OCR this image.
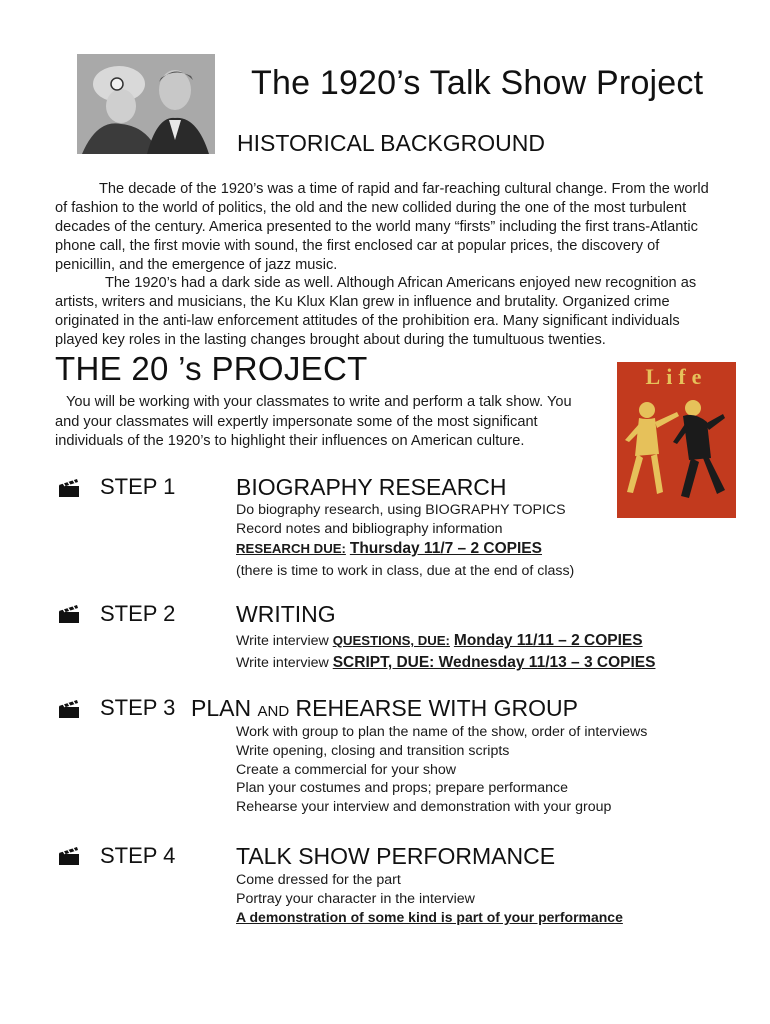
The 1920’s Talk Show Project
HISTORICAL BACKGROUND
The decade of the 1920’s was a time of rapid and far-reaching cultural change. From the world of fashion to the world of politics, the old and the new collided during the one of the most turbulent decades of the century. America presented to the world many “firsts” including the first trans-Atlantic phone call, the first movie with sound, the first enclosed car at popular prices, the discovery of penicillin, and the emergence of jazz music.
The 1920’s had a dark side as well. Although African Americans enjoyed new recognition as artists, writers and musicians, the Ku Klux Klan grew in influence and brutality. Organized crime originated in the anti-law enforcement attitudes of the prohibition era. Many significant individuals played key roles in the lasting changes brought about during the tumultuous twenties.
THE 20 ’s PROJECT
You will be working with your classmates to write and perform a talk show. You and your classmates will expertly impersonate some of the most significant individuals of the 1920’s to highlight their influences on American culture.
Life
STEP 1	BIOGRAPHY RESEARCH
Do biography research, using BIOGRAPHY TOPICS
Record notes and bibliography information
RESEARCH DUE: Thursday 11/7 – 2 COPIES
(there is time to work in class, due at the end of class)
STEP 2	WRITING
Write interview QUESTIONS, DUE: Monday 11/11 – 2 COPIES
Write interview SCRIPT, DUE: Wednesday 11/13 – 3 COPIES
STEP 3 PLAN AND REHEARSE WITH GROUP
Work with group to plan the name of the show, order of interviews
Write opening, closing and transition scripts
Create a commercial for your show
Plan your costumes and props; prepare performance
Rehearse your interview and demonstration with your group
STEP 4	TALK SHOW PERFORMANCE
Come dressed for the part
Portray your character in the interview
A demonstration of some kind is part of your performance
